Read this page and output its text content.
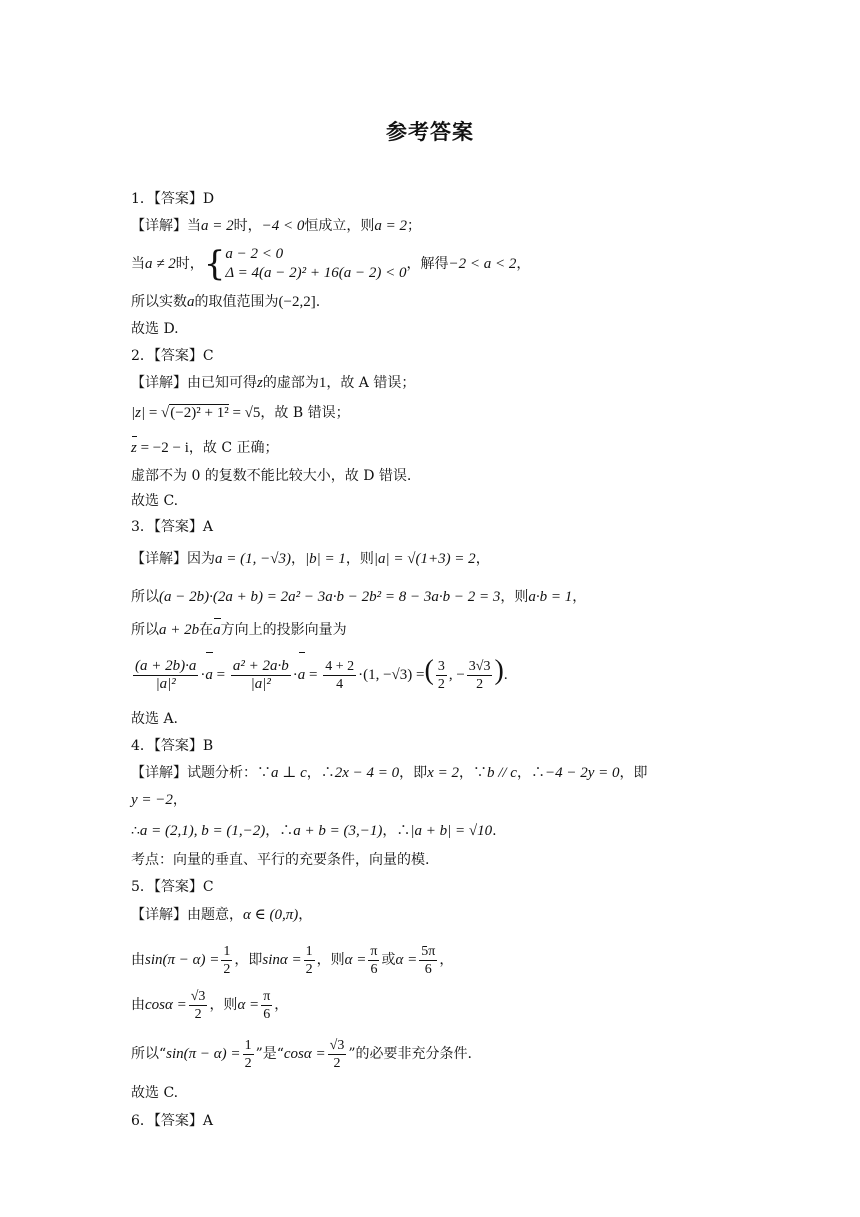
参考答案
1．【答案】D
【详解】当a = 2时，−4 < 0恒成立，则a = 2；
当a ≠ 2时，{ a − 2 < 0
Δ = 4(a − 2)² + 16(a − 2) < 0
，解得−2 < a < 2，
所以实数a的取值范围为(−2,2].
故选 D.
2．【答案】C
【详解】由已知可得z的虚部为1，故 A 错误；
|z| = √(−2)² + 1² = √5，故 B 错误；
z = −2 − i，故 C 正确；
虚部不为 0 的复数不能比较大小，故 D 错误.
故选 C.
3．【答案】A
【详解】因为a = (1, −√3)，|b| = 1，则|a| = √(1+3) = 2，
所以(a − 2b)·(2a + b) = 2a² − 3a·b − 2b² = 8 − 3a·b − 2 = 3，则a·b = 1，
所以a + 2b在a方向上的投影向量为
$\frac{(a + 2b)\cdot a}{\text{|a|²}} \cdot a = \frac{\text{a² + 2a·b}}{\text{|a|²}} \cdot a = \frac{4 + 2}{4} \cdot(1$, −√3) =( $\frac{3}{2}$ , − $\frac{3√3}{2}$ ).
故选 A.
4．【答案】B
【详解】试题分析：∵a ⊥ c，∴2x − 4 = 0，即x = 2，∵b // c，∴−4 − 2y = 0，即
y = −2，
∴a = (2,1), b = (1,−2)，∴a + b = (3,−1)，∴|a + b| = √10.
考点：向量的垂直、平行的充要条件，向量的模.
5．【答案】C
【详解】由题意，α ∈ (0,π)，
由$\sin(\pi - \alpha) = \frac{1}{2}$ ，即$\sin\alpha = \frac{1}{2}$ ，则$\alpha = \frac{\pi}{6}$ 或$\alpha = \frac{5\pi}{6}$ ，
由$\cos\alpha = \frac{√3}{2}$ ，则$\alpha = \frac{\pi}{6}$ ，
所以“$\sin(\pi - \alpha) = \frac{1}{2}$ ”是“$\cos\alpha = \frac{√3}{2}$ ”的必要非充分条件.
故选 C.
6．【答案】A
